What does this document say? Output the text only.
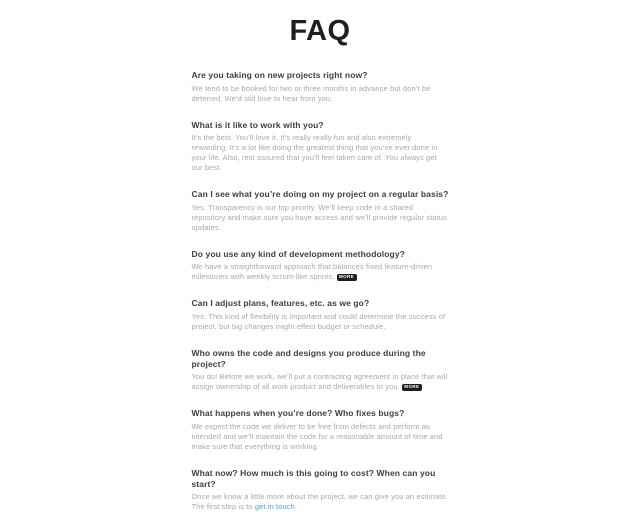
FAQ
Are you taking on new projects right now?

We tend to be booked for two or three months in advance but don’t be deterred. We’d still love to hear from you.

What is it like to work with you?

It’s the best. You’ll love it. It’s really really fun and also extremely rewarding. It’s a lot like doing the greatest thing that you’ve ever done in your life. Also, rest assured that you’ll feel taken care of. You always get our best.

Can I see what you’re doing on my project on a regular basis?

Yes. Transparency is our top priority. We’ll keep code in a shared repository and make sure you have access and we’ll provide regular status updates.

Do you use any kind of development methodology?

We have a straightforward approach that balances fixed feature-driven milestones with weekly scrum-like sprints. MORE

Can I adjust plans, features, etc. as we go?

Yes. This kind of flexibility is important and could determine the success of project, but big changes might effect budget or schedule.

Who owns the code and designs you produce during the project?

You do! Before we work, we’ll put a contracting agreement in place that will assign ownership of all work product and deliverables to you. MORE

What happens when you’re done? Who fixes bugs?

We expect the code we deliver to be free from defects and perform as intended and we’ll maintain the code for a reasonable amount of time and make sure that everything is working.

What now? How much is this going to cost? When can you start?

Once we know a little more about the project, we can give you an estimate. The first step is to get in touch.
